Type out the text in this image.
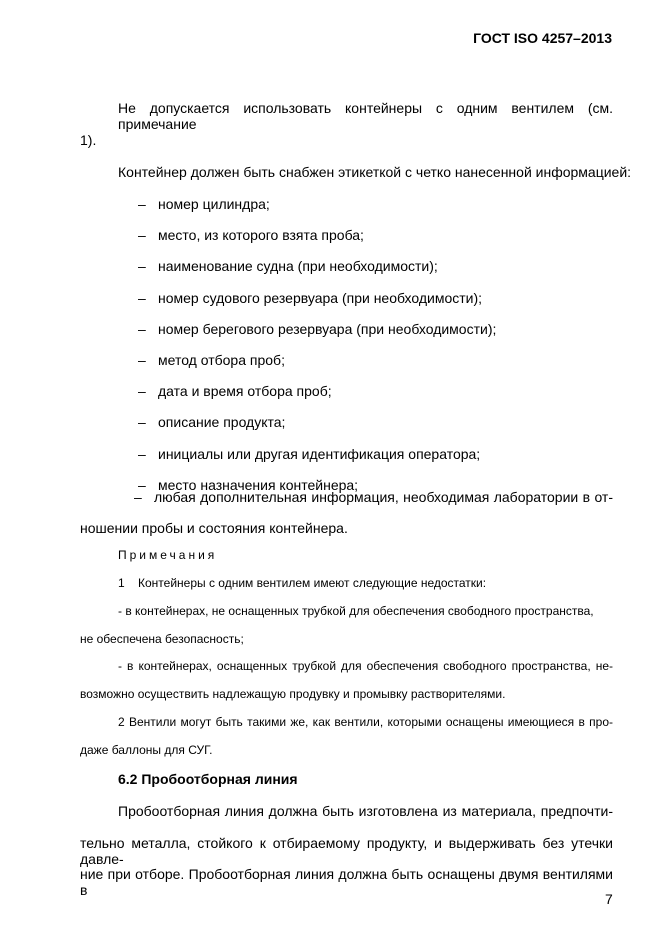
ГОСТ ISO 4257–2013
Не допускается использовать контейнеры с одним вентилем (см. примечание
1).
Контейнер должен быть снабжен этикеткой с четко нанесенной информацией:
– номер цилиндра;
– место, из которого взята проба;
– наименование судна (при необходимости);
– номер судового резервуара (при необходимости);
– номер берегового резервуара (при необходимости);
– метод отбора проб;
– дата и время отбора проб;
– описание продукта;
– инициалы или другая идентификация оператора;
– место назначения контейнера;
– любая дополнительная информация, необходимая лаборатории в от-
ношении пробы и состояния контейнера.
Примечания
1    Контейнеры с одним вентилем имеют следующие недостатки:
- в контейнерах, не оснащенных трубкой для обеспечения свободного пространства,
не обеспечена безопасность;
- в контейнерах, оснащенных трубкой для обеспечения свободного пространства, не-
возможно осуществить надлежащую продувку и промывку растворителями.
2 Вентили могут быть такими же, как вентили, которыми оснащены имеющиеся в про-
даже баллоны для СУГ.
6.2 Пробоотборная линия
Пробоотборная линия должна быть изготовлена из материала, предпочти-
тельно металла, стойкого к отбираемому продукту, и выдерживать без утечки давле-
ние при отборе. Пробоотборная линия должна быть оснащены двумя вентилями в
7
